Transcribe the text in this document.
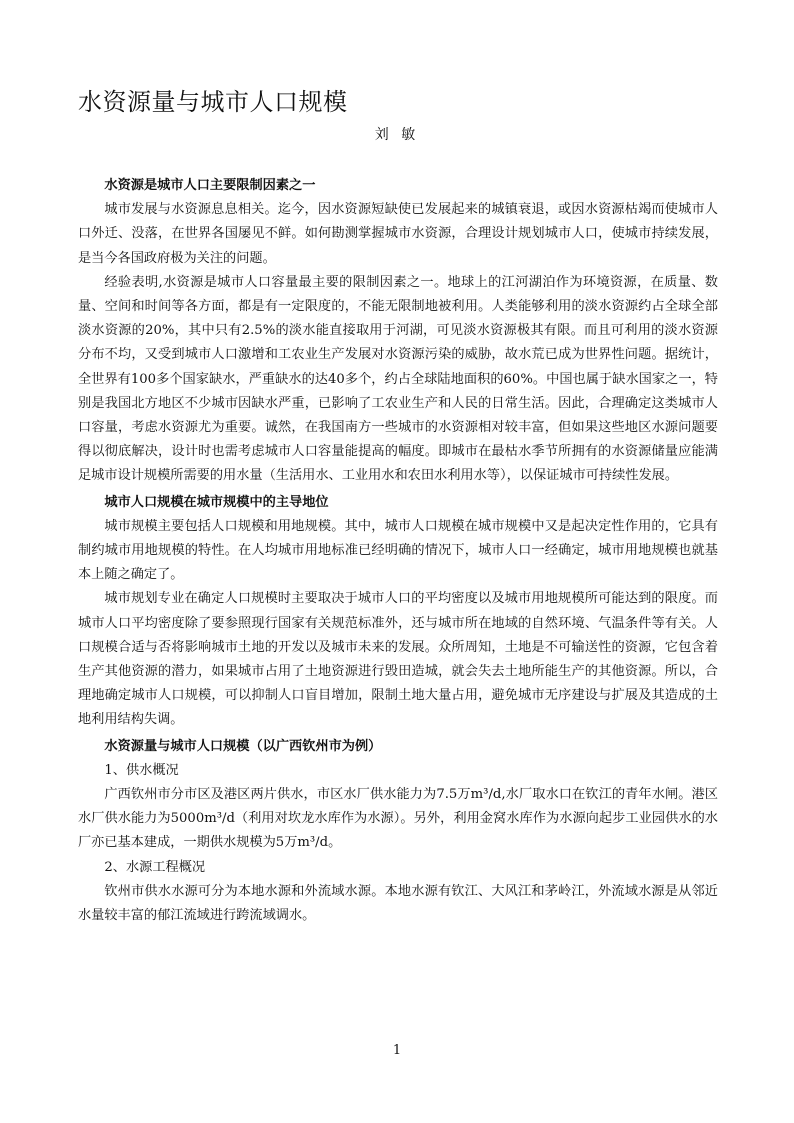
水资源量与城市人口规模
刘 敏
水资源是城市人口主要限制因素之一

城市发展与水资源息息相关。迄今，因水资源短缺使已发展起来的城镇衰退，或因水资源枯竭而使城市人口外迁、没落，在世界各国屡见不鲜。如何勘测掌握城市水资源，合理设计规划城市人口，使城市持续发展，是当今各国政府极为关注的问题。

经验表明,水资源是城市人口容量最主要的限制因素之一。地球上的江河湖泊作为环境资源，在质量、数量、空间和时间等各方面，都是有一定限度的，不能无限制地被利用。人类能够利用的淡水资源约占全球全部淡水资源的20%，其中只有2.5%的淡水能直接取用于河湖，可见淡水资源极其有限。而且可利用的淡水资源分布不均，又受到城市人口激增和工农业生产发展对水资源污染的威胁，故水荒已成为世界性问题。据统计，全世界有100多个国家缺水，严重缺水的达40多个，约占全球陆地面积的60%。中国也属于缺水国家之一，特别是我国北方地区不少城市因缺水严重，已影响了工农业生产和人民的日常生活。因此，合理确定这类城市人口容量，考虑水资源尤为重要。诚然，在我国南方一些城市的水资源相对较丰富，但如果这些地区水源问题要得以彻底解决，设计时也需考虑城市人口容量能提高的幅度。即城市在最枯水季节所拥有的水资源储量应能满足城市设计规模所需要的用水量（生活用水、工业用水和农田水利用水等），以保证城市可持续性发展。

城市人口规模在城市规模中的主导地位

城市规模主要包括人口规模和用地规模。其中，城市人口规模在城市规模中又是起决定性作用的，它具有制约城市用地规模的特性。在人均城市用地标准已经明确的情况下，城市人口一经确定，城市用地规模也就基本上随之确定了。

城市规划专业在确定人口规模时主要取决于城市人口的平均密度以及城市用地规模所可能达到的限度。而城市人口平均密度除了要参照现行国家有关规范标准外，还与城市所在地域的自然环境、气温条件等有关。人口规模合适与否将影响城市土地的开发以及城市未来的发展。众所周知，土地是不可输送性的资源，它包含着生产其他资源的潜力，如果城市占用了土地资源进行毁田造城，就会失去土地所能生产的其他资源。所以，合理地确定城市人口规模，可以抑制人口盲目增加，限制土地大量占用，避免城市无序建设与扩展及其造成的土地利用结构失调。

水资源量与城市人口规模（以广西钦州市为例）

1、供水概况

广西钦州市分市区及港区两片供水，市区水厂供水能力为7.5万m³/d,水厂取水口在钦江的青年水闸。港区水厂供水能力为5000m³/d（利用对坎龙水库作为水源）。另外，利用金窝水库作为水源向起步工业园供水的水厂亦已基本建成，一期供水规模为5万m³/d。

2、水源工程概况

钦州市供水水源可分为本地水源和外流域水源。本地水源有钦江、大风江和茅岭江，外流域水源是从邻近水量较丰富的郁江流域进行跨流域调水。

1
